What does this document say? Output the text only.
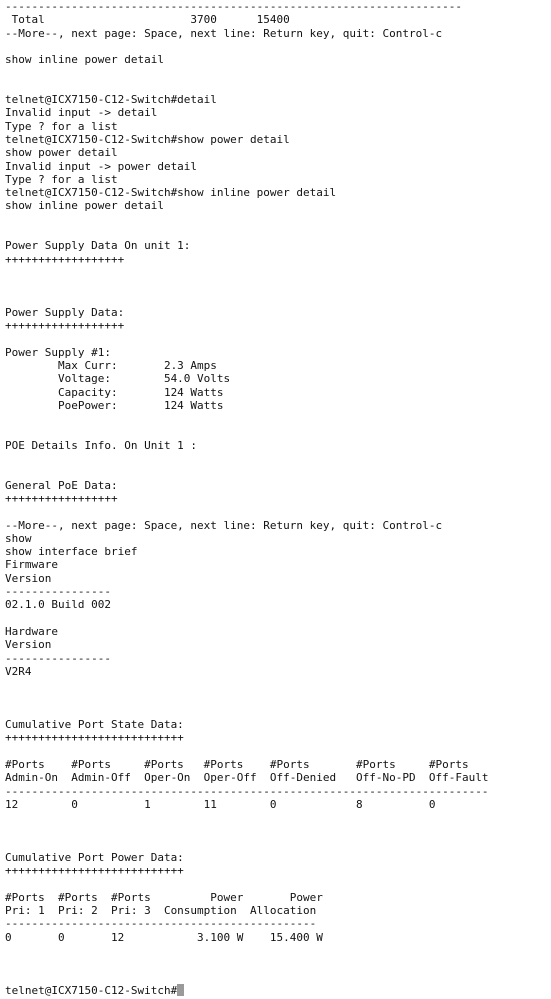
---------------------------------------------------------------------
Total                      3700      15400
--More--, next page: Space, next line: Return key, quit: Control-c
show inline power detail
telnet@ICX7150-C12-Switch#detail
Invalid input -> detail
Type ? for a list
telnet@ICX7150-C12-Switch#show power detail
show power detail
Invalid input -> power detail
Type ? for a list
telnet@ICX7150-C12-Switch#show inline power detail
show inline power detail
Power Supply Data On unit 1:
++++++++++++++++++
Power Supply Data:
++++++++++++++++++
Power Supply #1:
Max Curr:       2.3 Amps
Voltage:        54.0 Volts
Capacity:       124 Watts
PoePower:       124 Watts
POE Details Info. On Unit 1 :
General PoE Data:
+++++++++++++++++
--More--, next page: Space, next line: Return key, quit: Control-c
show
show interface brief
Firmware
Version
----------------
02.1.0 Build 002
Hardware
Version
----------------
V2R4
Cumulative Port State Data:
+++++++++++++++++++++++++++
#Ports    #Ports     #Ports   #Ports    #Ports       #Ports     #Ports
Admin-On  Admin-Off  Oper-On  Oper-Off  Off-Denied   Off-No-PD  Off-Fault
-------------------------------------------------------------------------
12        0          1        11        0            8          0
Cumulative Port Power Data:
+++++++++++++++++++++++++++
#Ports  #Ports  #Ports         Power       Power
Pri: 1  Pri: 2  Pri: 3  Consumption  Allocation
-----------------------------------------------
0       0       12           3.100 W    15.400 W
telnet@ICX7150-C12-Switch#
